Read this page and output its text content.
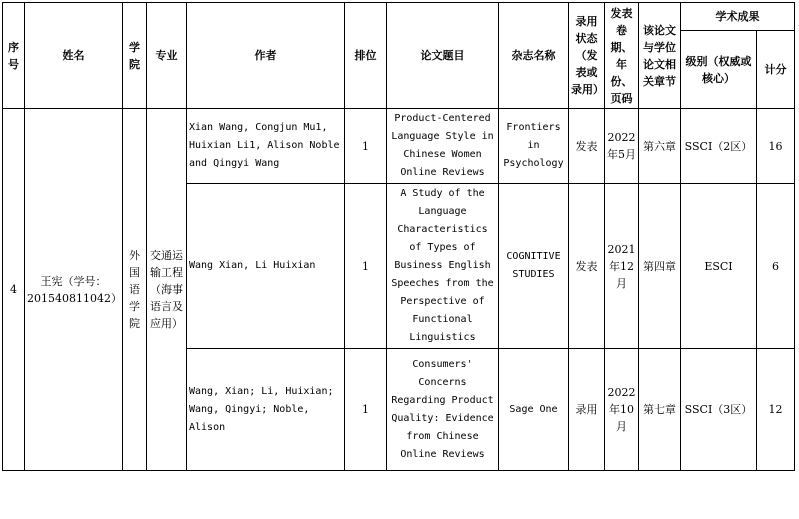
序号	姓名	学院	专业	作者	排位	论文题目	杂志名称	录用状态（发表或录用）	发表卷期、年份、页码	该论文与学位论文相关章节	学术成果	
											级别（权威或核心）	计分
4	王宪（学号：201540811042）	外国语学院	交通运输工程（海事语言及应用）	Xian Wang, Congjun Mu1, Huixian Li1, Alison Noble and Qingyi Wang	1	Product-Centered Language Style in Chinese Women Online Reviews	Frontiers in Psychology	发表	2022年5月	第六章	SSCI（2区）	16
				Wang Xian, Li Huixian	1	A Study of the Language Characteristics of Types of Business English Speeches from the Perspective of Functional Linguistics	COGNITIVE STUDIES	发表	2021年12月	第四章	ESCI	6
				Wang, Xian; Li, Huixian; Wang, Qingyi; Noble, Alison	1	Consumers' Concerns Regarding Product Quality: Evidence from Chinese Online Reviews	Sage One	录用	2022年10月	第七章	SSCI（3区）	12
